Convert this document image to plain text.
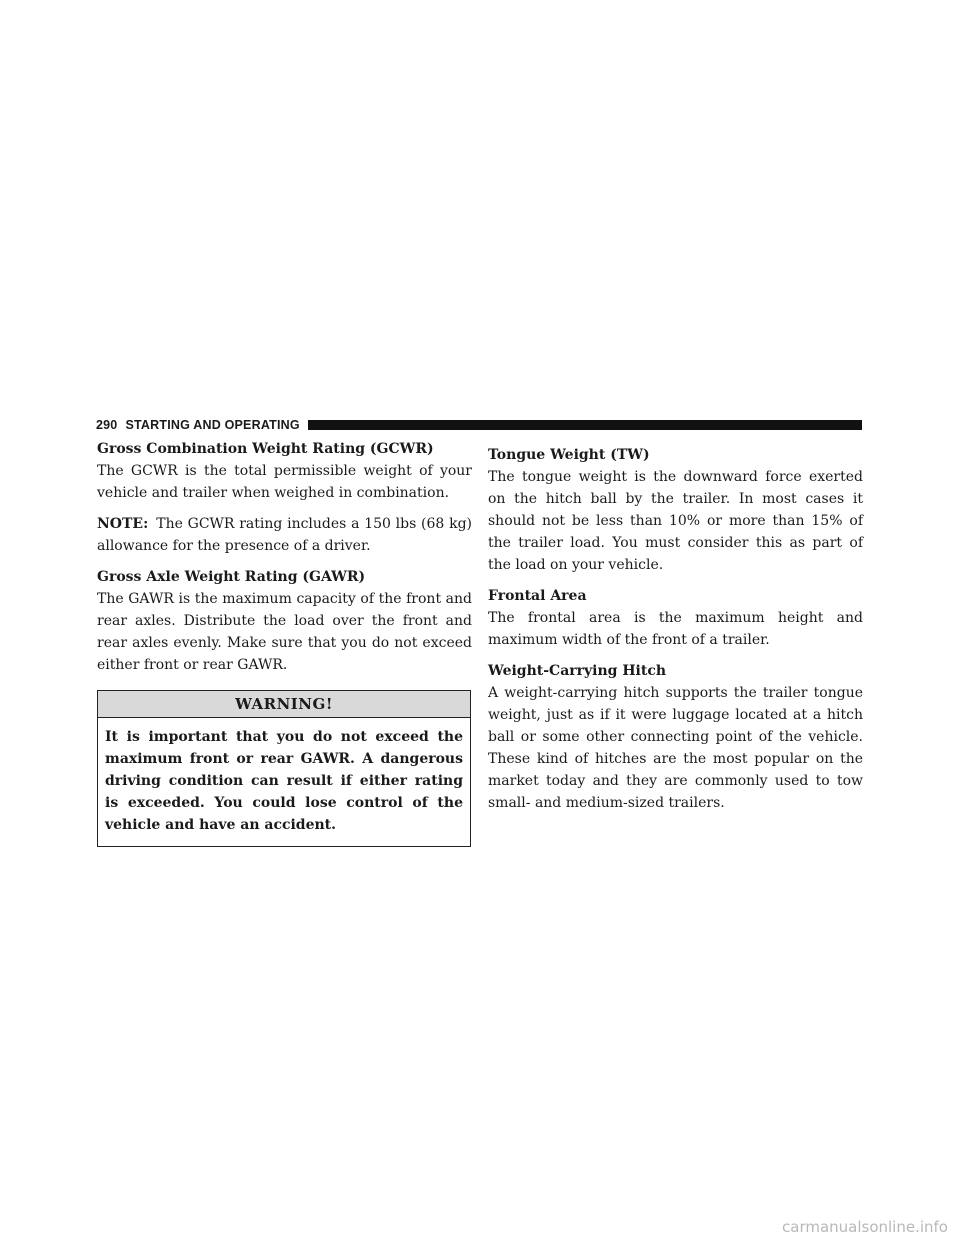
290 STARTING AND OPERATING

Gross Combination Weight Rating (GCWR)

The GCWR is the total permissible weight of your vehicle and trailer when weighed in combination.

NOTE: The GCWR rating includes a 150 lbs (68 kg) allowance for the presence of a driver.

Gross Axle Weight Rating (GAWR)

The GAWR is the maximum capacity of the front and rear axles. Distribute the load over the front and rear axles evenly. Make sure that you do not exceed either front or rear GAWR.

WARNING!
It is important that you do not exceed the maximum front or rear GAWR. A dangerous driving condition can result if either rating is exceeded. You could lose control of the vehicle and have an accident.

Tongue Weight (TW)

The tongue weight is the downward force exerted on the hitch ball by the trailer. In most cases it should not be less than 10% or more than 15% of the trailer load. You must consider this as part of the load on your vehicle.

Frontal Area

The frontal area is the maximum height and maximum width of the front of a trailer.

Weight-Carrying Hitch

A weight-carrying hitch supports the trailer tongue weight, just as if it were luggage located at a hitch ball or some other connecting point of the vehicle. These kind of hitches are the most popular on the market today and they are commonly used to tow small- and medium-sized trailers.

carmanualsonline.info
